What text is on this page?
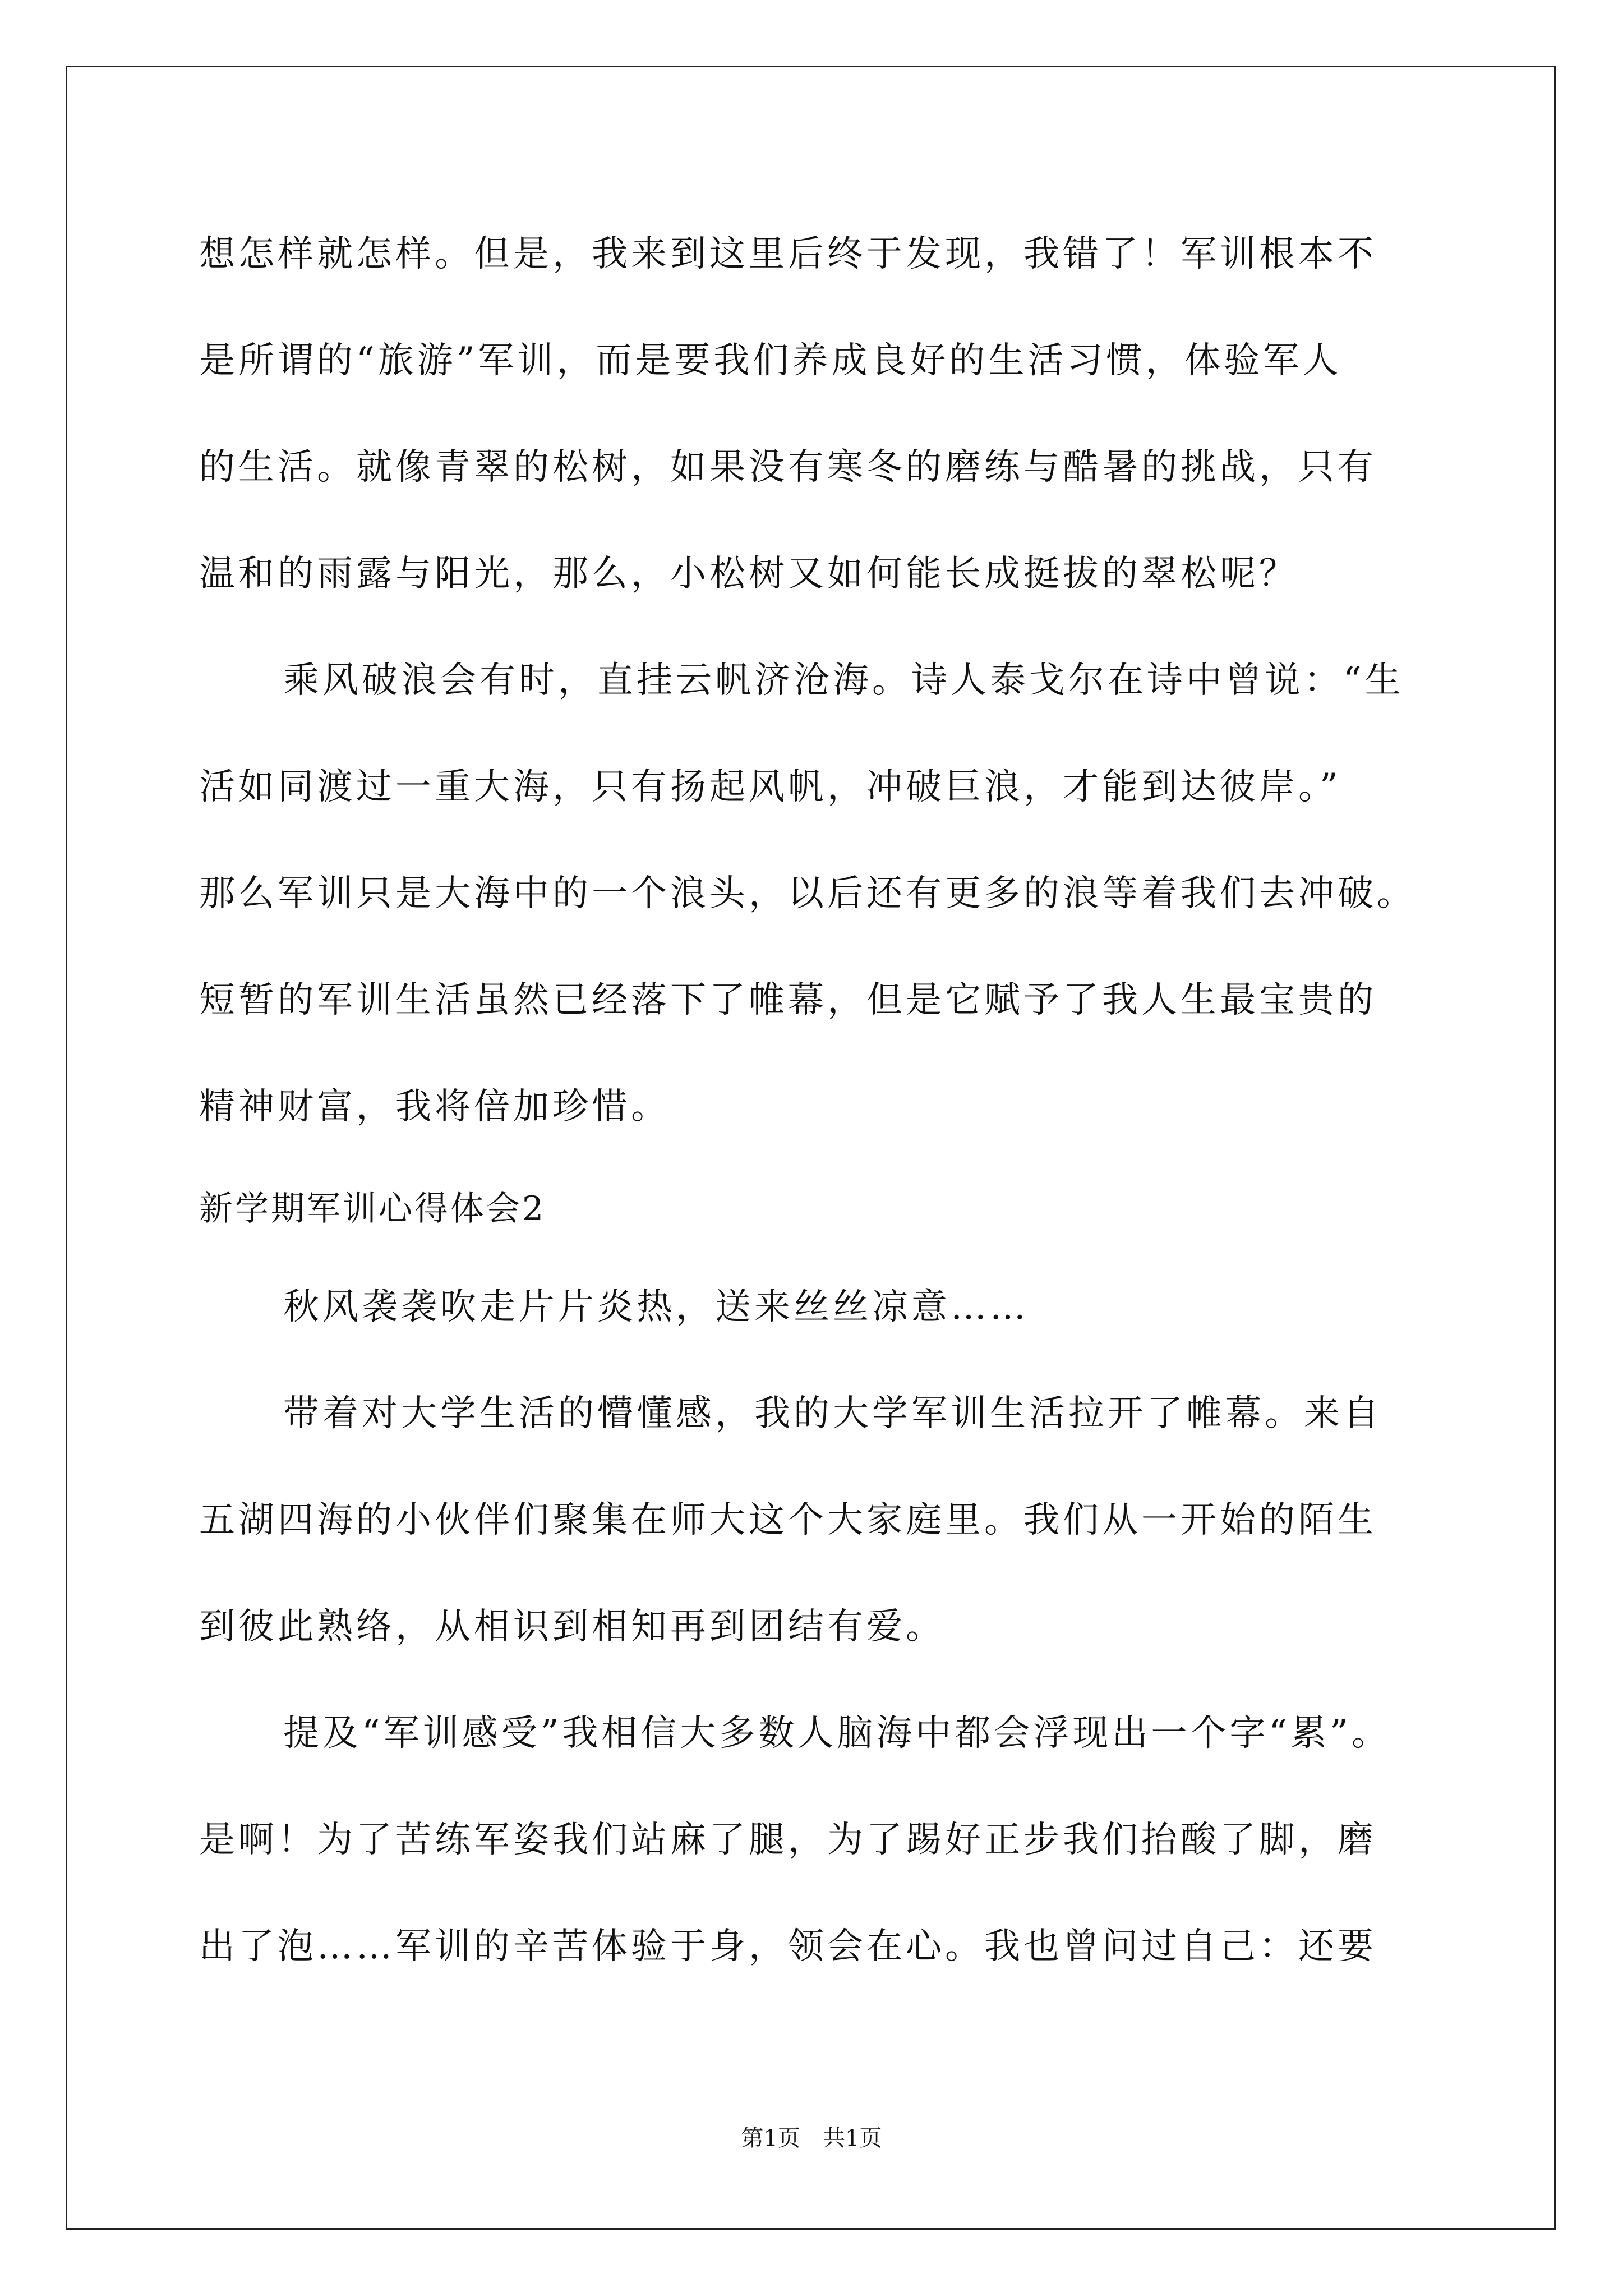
想怎样就怎样。但是，我来到这里后终于发现，我错了！军训根本不
是所谓的“旅游”军训，而是要我们养成良好的生活习惯，体验军人
的生活。就像青翠的松树，如果没有寒冬的磨练与酷暑的挑战，只有
温和的雨露与阳光，那么，小松树又如何能长成挺拔的翠松呢？
乘风破浪会有时，直挂云帆济沧海。诗人泰戈尔在诗中曾说：“生
活如同渡过一重大海，只有扬起风帆，冲破巨浪，才能到达彼岸。”
那么军训只是大海中的一个浪头，以后还有更多的浪等着我们去冲破。
短暂的军训生活虽然已经落下了帷幕，但是它赋予了我人生最宝贵的
精神财富，我将倍加珍惜。
新学期军训心得体会2
秋风袭袭吹走片片炎热，送来丝丝凉意……
带着对大学生活的懵懂感，我的大学军训生活拉开了帷幕。来自
五湖四海的小伙伴们聚集在师大这个大家庭里。我们从一开始的陌生
到彼此熟络，从相识到相知再到团结有爱。
提及“军训感受”我相信大多数人脑海中都会浮现出一个字“累”。
是啊！为了苦练军姿我们站麻了腿，为了踢好正步我们抬酸了脚，磨
出了泡……军训的辛苦体验于身，领会在心。我也曾问过自己：还要
第1页　共1页
